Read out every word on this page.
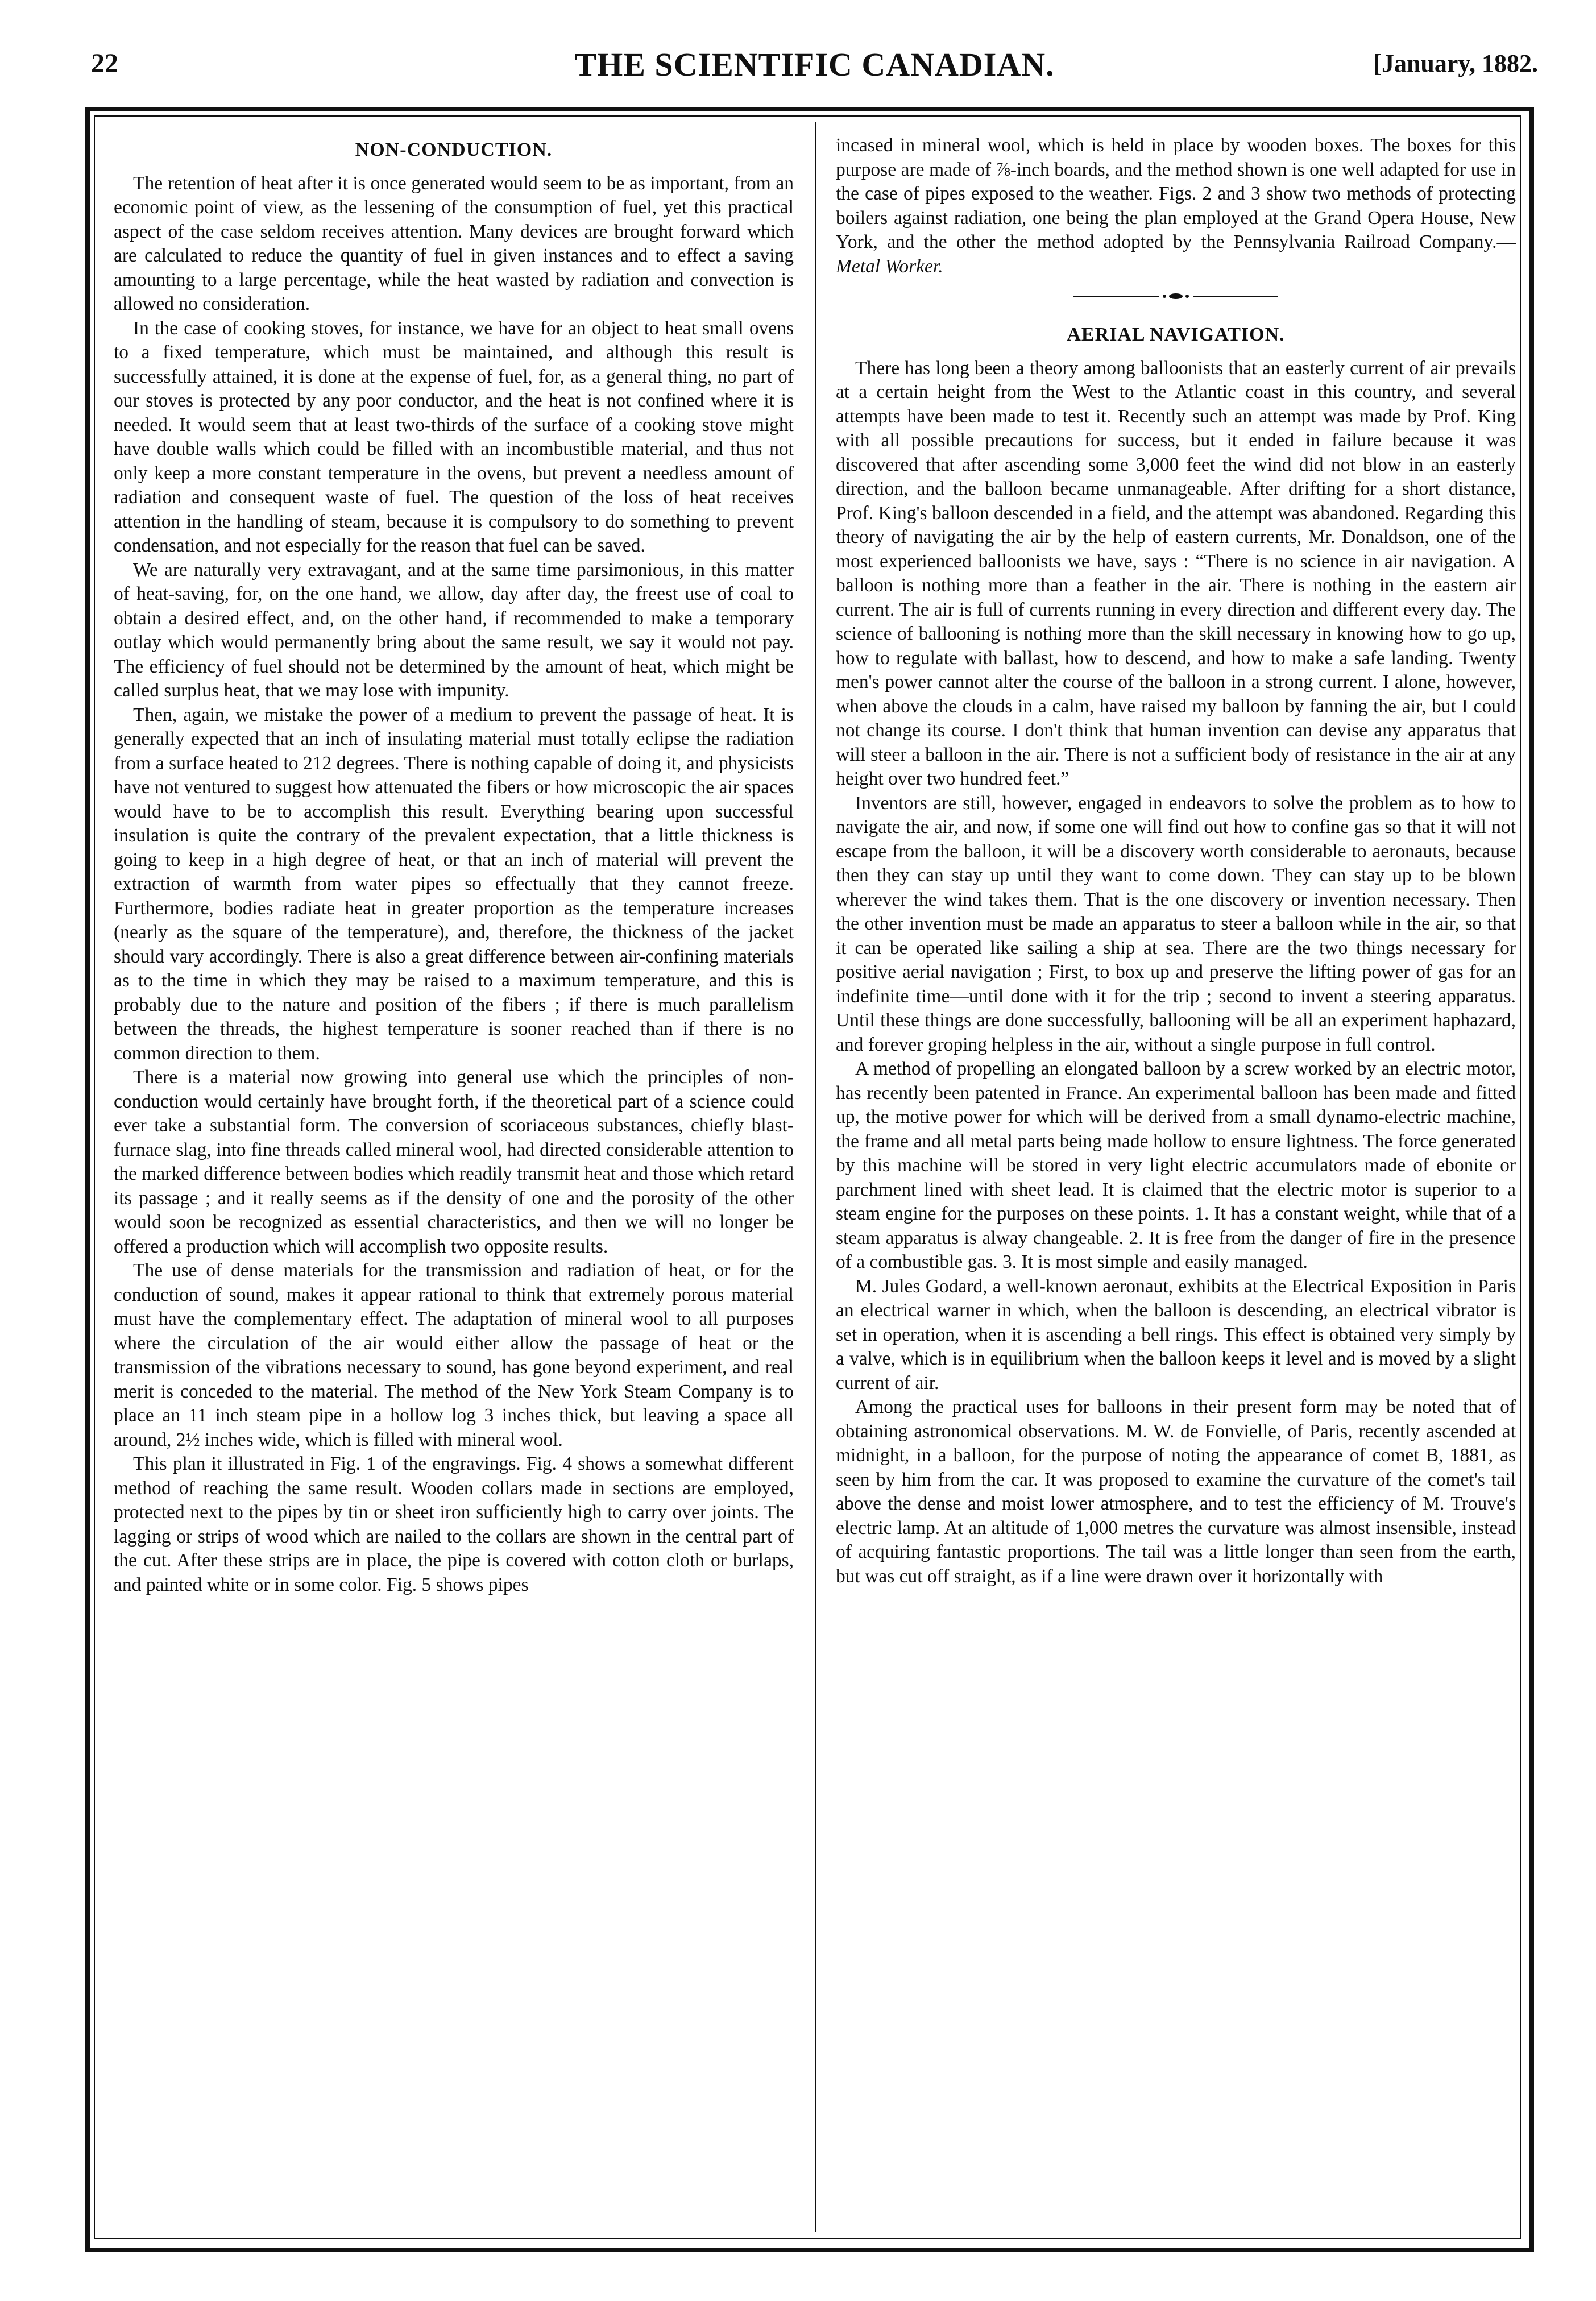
22	THE SCIENTIFIC CANADIAN.	[January, 1882.
NON-CONDUCTION.

The retention of heat after it is once generated would seem to be as important, from an economic point of view, as the lessening of the consumption of fuel, yet this practical aspect of the case seldom receives attention. Many devices are brought forward which are calculated to reduce the quantity of fuel in given instances and to effect a saving amounting to a large percentage, while the heat wasted by radiation and convection is allowed no consideration.

In the case of cooking stoves, for instance, we have for an object to heat small ovens to a fixed temperature, which must be maintained, and although this result is successfully attained, it is done at the expense of fuel, for, as a general thing, no part of our stoves is protected by any poor conductor, and the heat is not confined where it is needed. It would seem that at least two-thirds of the surface of a cooking stove might have double walls which could be filled with an incombustible material, and thus not only keep a more constant temperature in the ovens, but prevent a needless amount of radiation and consequent waste of fuel. The question of the loss of heat receives attention in the handling of steam, because it is compulsory to do something to prevent condensation, and not especially for the reason that fuel can be saved.

We are naturally very extravagant, and at the same time parsimonious, in this matter of heat-saving, for, on the one hand, we allow, day after day, the freest use of coal to obtain a desired effect, and, on the other hand, if recommended to make a temporary outlay which would permanently bring about the same result, we say it would not pay. The efficiency of fuel should not be determined by the amount of heat, which might be called surplus heat, that we may lose with impunity.

Then, again, we mistake the power of a medium to prevent the passage of heat. It is generally expected that an inch of insulating material must totally eclipse the radiation from a surface heated to 212 degrees. There is nothing capable of doing it, and physicists have not ventured to suggest how attenuated the fibers or how microscopic the air spaces would have to be to accomplish this result. Everything bearing upon successful insulation is quite the contrary of the prevalent expectation, that a little thickness is going to keep in a high degree of heat, or that an inch of material will prevent the extraction of warmth from water pipes so effectually that they cannot freeze. Furthermore, bodies radiate heat in greater proportion as the temperature increases (nearly as the square of the temperature), and, therefore, the thickness of the jacket should vary accordingly. There is also a great difference between air-confining materials as to the time in which they may be raised to a maximum temperature, and this is probably due to the nature and position of the fibers ; if there is much parallelism between the threads, the highest temperature is sooner reached than if there is no common direction to them.

There is a material now growing into general use which the principles of non-conduction would certainly have brought forth, if the theoretical part of a science could ever take a substantial form. The conversion of scoriaceous substances, chiefly blast-furnace slag, into fine threads called mineral wool, had directed considerable attention to the marked difference between bodies which readily transmit heat and those which retard its passage ; and it really seems as if the density of one and the porosity of the other would soon be recognized as essential characteristics, and then we will no longer be offered a production which will accomplish two opposite results.

The use of dense materials for the transmission and radiation of heat, or for the conduction of sound, makes it appear rational to think that extremely porous material must have the complementary effect. The adaptation of mineral wool to all purposes where the circulation of the air would either allow the passage of heat or the transmission of the vibrations necessary to sound, has gone beyond experiment, and real merit is conceded to the material. The method of the New York Steam Company is to place an 11 inch steam pipe in a hollow log 3 inches thick, but leaving a space all around, 2½ inches wide, which is filled with mineral wool.

This plan it illustrated in Fig. 1 of the engravings. Fig. 4 shows a somewhat different method of reaching the same result. Wooden collars made in sections are employed, protected next to the pipes by tin or sheet iron sufficiently high to carry over joints. The lagging or strips of wood which are nailed to the collars are shown in the central part of the cut. After these strips are in place, the pipe is covered with cotton cloth or burlaps, and painted white or in some color. Fig. 5 shows pipes

incased in mineral wool, which is held in place by wooden boxes. The boxes for this purpose are made of ⅞-inch boards, and the method shown is one well adapted for use in the case of pipes exposed to the weather. Figs. 2 and 3 show two methods of protecting boilers against radiation, one being the plan employed at the Grand Opera House, New York, and the other the method adopted by the Pennsylvania Railroad Company.— Metal Worker.

AERIAL NAVIGATION.

There has long been a theory among balloonists that an easterly current of air prevails at a certain height from the West to the Atlantic coast in this country, and several attempts have been made to test it. Recently such an attempt was made by Prof. King with all possible precautions for success, but it ended in failure because it was discovered that after ascending some 3,000 feet the wind did not blow in an easterly direction, and the balloon became unmanageable. After drifting for a short distance, Prof. King's balloon descended in a field, and the attempt was abandoned. Regarding this theory of navigating the air by the help of eastern currents, Mr. Donaldson, one of the most experienced balloonists we have, says : “There is no science in air navigation. A balloon is nothing more than a feather in the air. There is nothing in the eastern air current. The air is full of currents running in every direction and different every day. The science of ballooning is nothing more than the skill necessary in knowing how to go up, how to regulate with ballast, how to descend, and how to make a safe landing. Twenty men's power cannot alter the course of the balloon in a strong current. I alone, however, when above the clouds in a calm, have raised my balloon by fanning the air, but I could not change its course. I don't think that human invention can devise any apparatus that will steer a balloon in the air. There is not a sufficient body of resistance in the air at any height over two hundred feet.”

Inventors are still, however, engaged in endeavors to solve the problem as to how to navigate the air, and now, if some one will find out how to confine gas so that it will not escape from the balloon, it will be a discovery worth considerable to aeronauts, because then they can stay up until they want to come down. They can stay up to be blown wherever the wind takes them. That is the one discovery or invention necessary. Then the other invention must be made an apparatus to steer a balloon while in the air, so that it can be operated like sailing a ship at sea. There are the two things necessary for positive aerial navigation ; First, to box up and preserve the lifting power of gas for an indefinite time—until done with it for the trip ; second to invent a steering apparatus. Until these things are done successfully, ballooning will be all an experiment haphazard, and forever groping helpless in the air, without a single purpose in full control.

A method of propelling an elongated balloon by a screw worked by an electric motor, has recently been patented in France. An experimental balloon has been made and fitted up, the motive power for which will be derived from a small dynamo-electric machine, the frame and all metal parts being made hollow to ensure lightness. The force generated by this machine will be stored in very light electric accumulators made of ebonite or parchment lined with sheet lead. It is claimed that the electric motor is superior to a steam engine for the purposes on these points. 1. It has a constant weight, while that of a steam apparatus is alway changeable. 2. It is free from the danger of fire in the presence of a combustible gas. 3. It is most simple and easily managed.

M. Jules Godard, a well-known aeronaut, exhibits at the Electrical Exposition in Paris an electrical warner in which, when the balloon is descending, an electrical vibrator is set in operation, when it is ascending a bell rings. This effect is obtained very simply by a valve, which is in equilibrium when the balloon keeps it level and is moved by a slight current of air.

Among the practical uses for balloons in their present form may be noted that of obtaining astronomical observations. M. W. de Fonvielle, of Paris, recently ascended at midnight, in a balloon, for the purpose of noting the appearance of comet B, 1881, as seen by him from the car. It was proposed to examine the curvature of the comet's tail above the dense and moist lower atmosphere, and to test the efficiency of M. Trouve's electric lamp. At an altitude of 1,000 metres the curvature was almost insensible, instead of acquiring fantastic proportions. The tail was a little longer than seen from the earth, but was cut off straight, as if a line were drawn over it horizontally with
